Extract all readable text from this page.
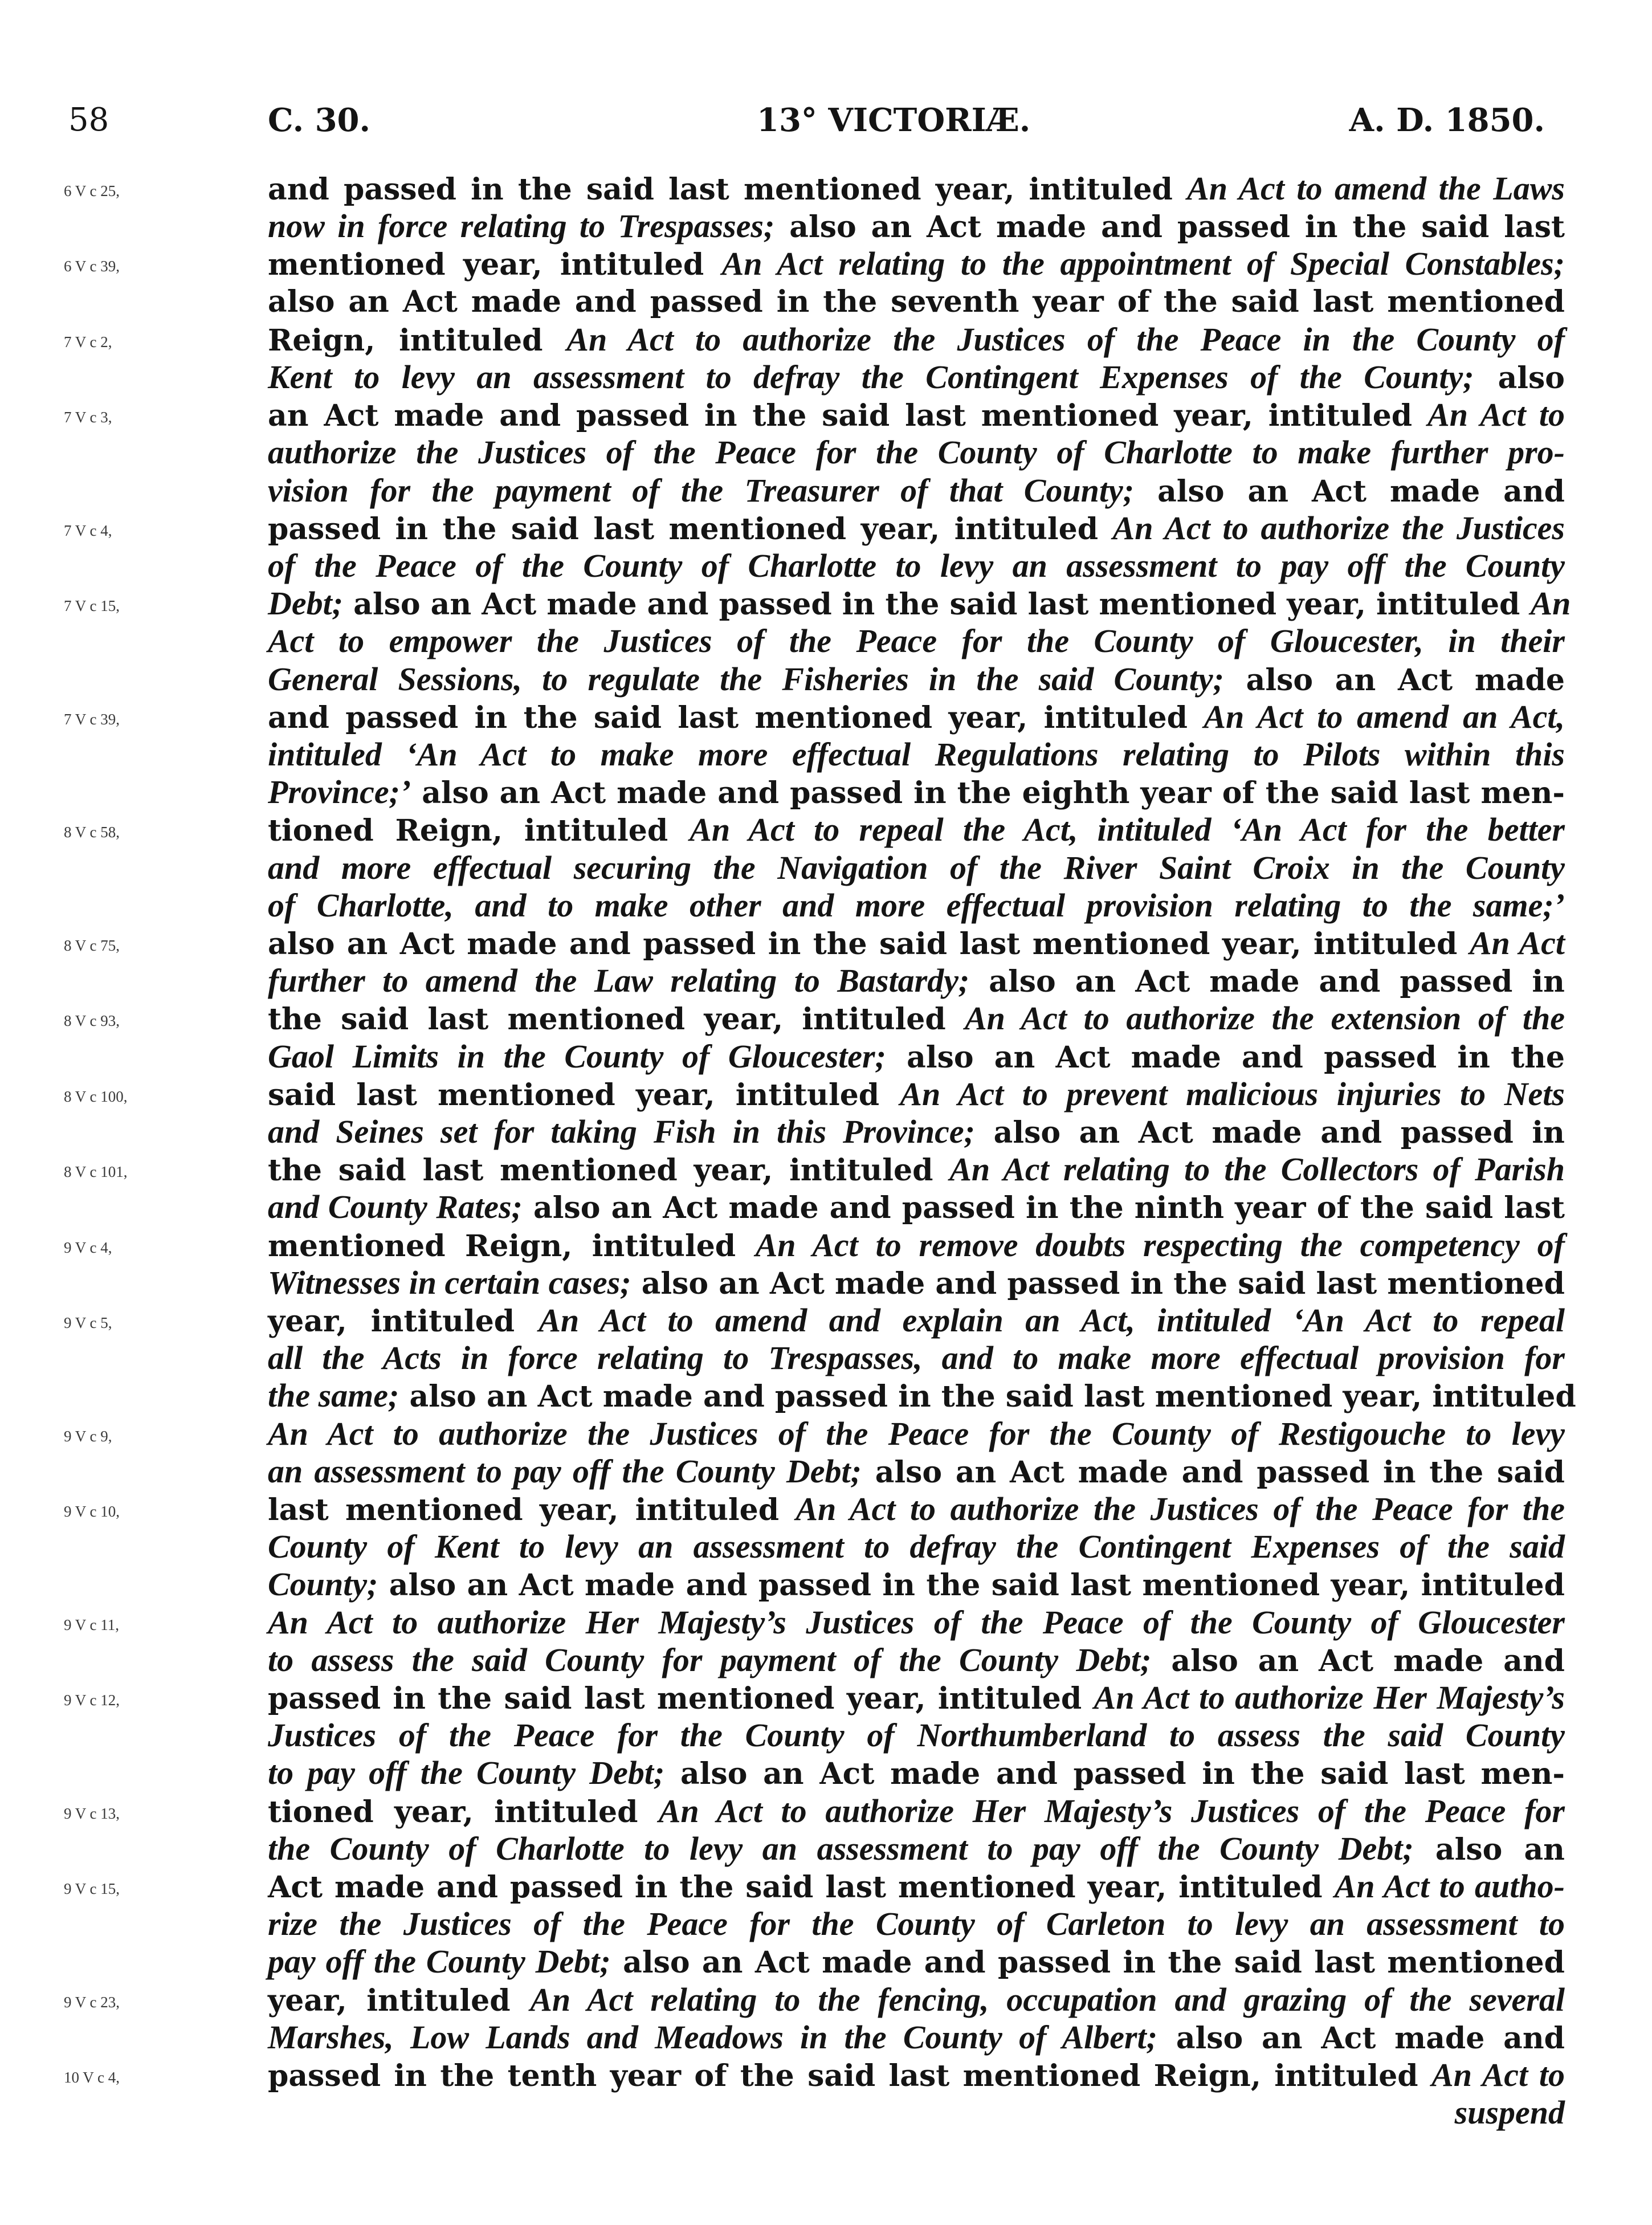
58	C. 30.	13° VICTORIÆ.	A. D. 1850.
6 V c 25,	and passed in the said last mentioned year, intituled An Act to amend the Laws
now in force relating to Trespasses; also an Act made and passed in the said last
6 V c 39,	mentioned year, intituled An Act relating to the appointment of Special Constables;
also an Act made and passed in the seventh year of the said last mentioned
7 V c 2,	Reign, intituled An Act to authorize the Justices of the Peace in the County of
Kent to levy an assessment to defray the Contingent Expenses of the County; also
7 V c 3,	an Act made and passed in the said last mentioned year, intituled An Act to
authorize the Justices of the Peace for the County of Charlotte to make further pro-
vision for the payment of the Treasurer of that County; also an Act made and
7 V c 4,	passed in the said last mentioned year, intituled An Act to authorize the Justices
of the Peace of the County of Charlotte to levy an assessment to pay off the County
7 V c 15,	Debt; also an Act made and passed in the said last mentioned year, intituled An
Act to empower the Justices of the Peace for the County of Gloucester, in their
General Sessions, to regulate the Fisheries in the said County; also an Act made
7 V c 39,	and passed in the said last mentioned year, intituled An Act to amend an Act,
intituled ‘An Act to make more effectual Regulations relating to Pilots within this
Province;’ also an Act made and passed in the eighth year of the said last men-
8 V c 58,	tioned Reign, intituled An Act to repeal the Act, intituled ‘An Act for the better
and more effectual securing the Navigation of the River Saint Croix in the County
of Charlotte, and to make other and more effectual provision relating to the same;’
8 V c 75,	also an Act made and passed in the said last mentioned year, intituled An Act
further to amend the Law relating to Bastardy; also an Act made and passed in
8 V c 93,	the said last mentioned year, intituled An Act to authorize the extension of the
Gaol Limits in the County of Gloucester; also an Act made and passed in the
8 V c 100,	said last mentioned year, intituled An Act to prevent malicious injuries to Nets
and Seines set for taking Fish in this Province; also an Act made and passed in
8 V c 101,	the said last mentioned year, intituled An Act relating to the Collectors of Parish
and County Rates; also an Act made and passed in the ninth year of the said last
9 V c 4,	mentioned Reign, intituled An Act to remove doubts respecting the competency of
Witnesses in certain cases; also an Act made and passed in the said last mentioned
9 V c 5,	year, intituled An Act to amend and explain an Act, intituled ‘An Act to repeal
all the Acts in force relating to Trespasses, and to make more effectual provision for
the same; also an Act made and passed in the said last mentioned year, intituled
9 V c 9,	An Act to authorize the Justices of the Peace for the County of Restigouche to levy
an assessment to pay off the County Debt; also an Act made and passed in the said
9 V c 10,	last mentioned year, intituled An Act to authorize the Justices of the Peace for the
County of Kent to levy an assessment to defray the Contingent Expenses of the said
County; also an Act made and passed in the said last mentioned year, intituled
9 V c 11,	An Act to authorize Her Majesty’s Justices of the Peace of the County of Gloucester
to assess the said County for payment of the County Debt; also an Act made and
9 V c 12,	passed in the said last mentioned year, intituled An Act to authorize Her Majesty’s
Justices of the Peace for the County of Northumberland to assess the said County
to pay off the County Debt; also an Act made and passed in the said last men-
9 V c 13,	tioned year, intituled An Act to authorize Her Majesty’s Justices of the Peace for
the County of Charlotte to levy an assessment to pay off the County Debt; also an
9 V c 15,	Act made and passed in the said last mentioned year, intituled An Act to autho-
rize the Justices of the Peace for the County of Carleton to levy an assessment to
pay off the County Debt; also an Act made and passed in the said last mentioned
9 V c 23,	year, intituled An Act relating to the fencing, occupation and grazing of the several
Marshes, Low Lands and Meadows in the County of Albert; also an Act made and
10 V c 4,	passed in the tenth year of the said last mentioned Reign, intituled An Act to
suspend
